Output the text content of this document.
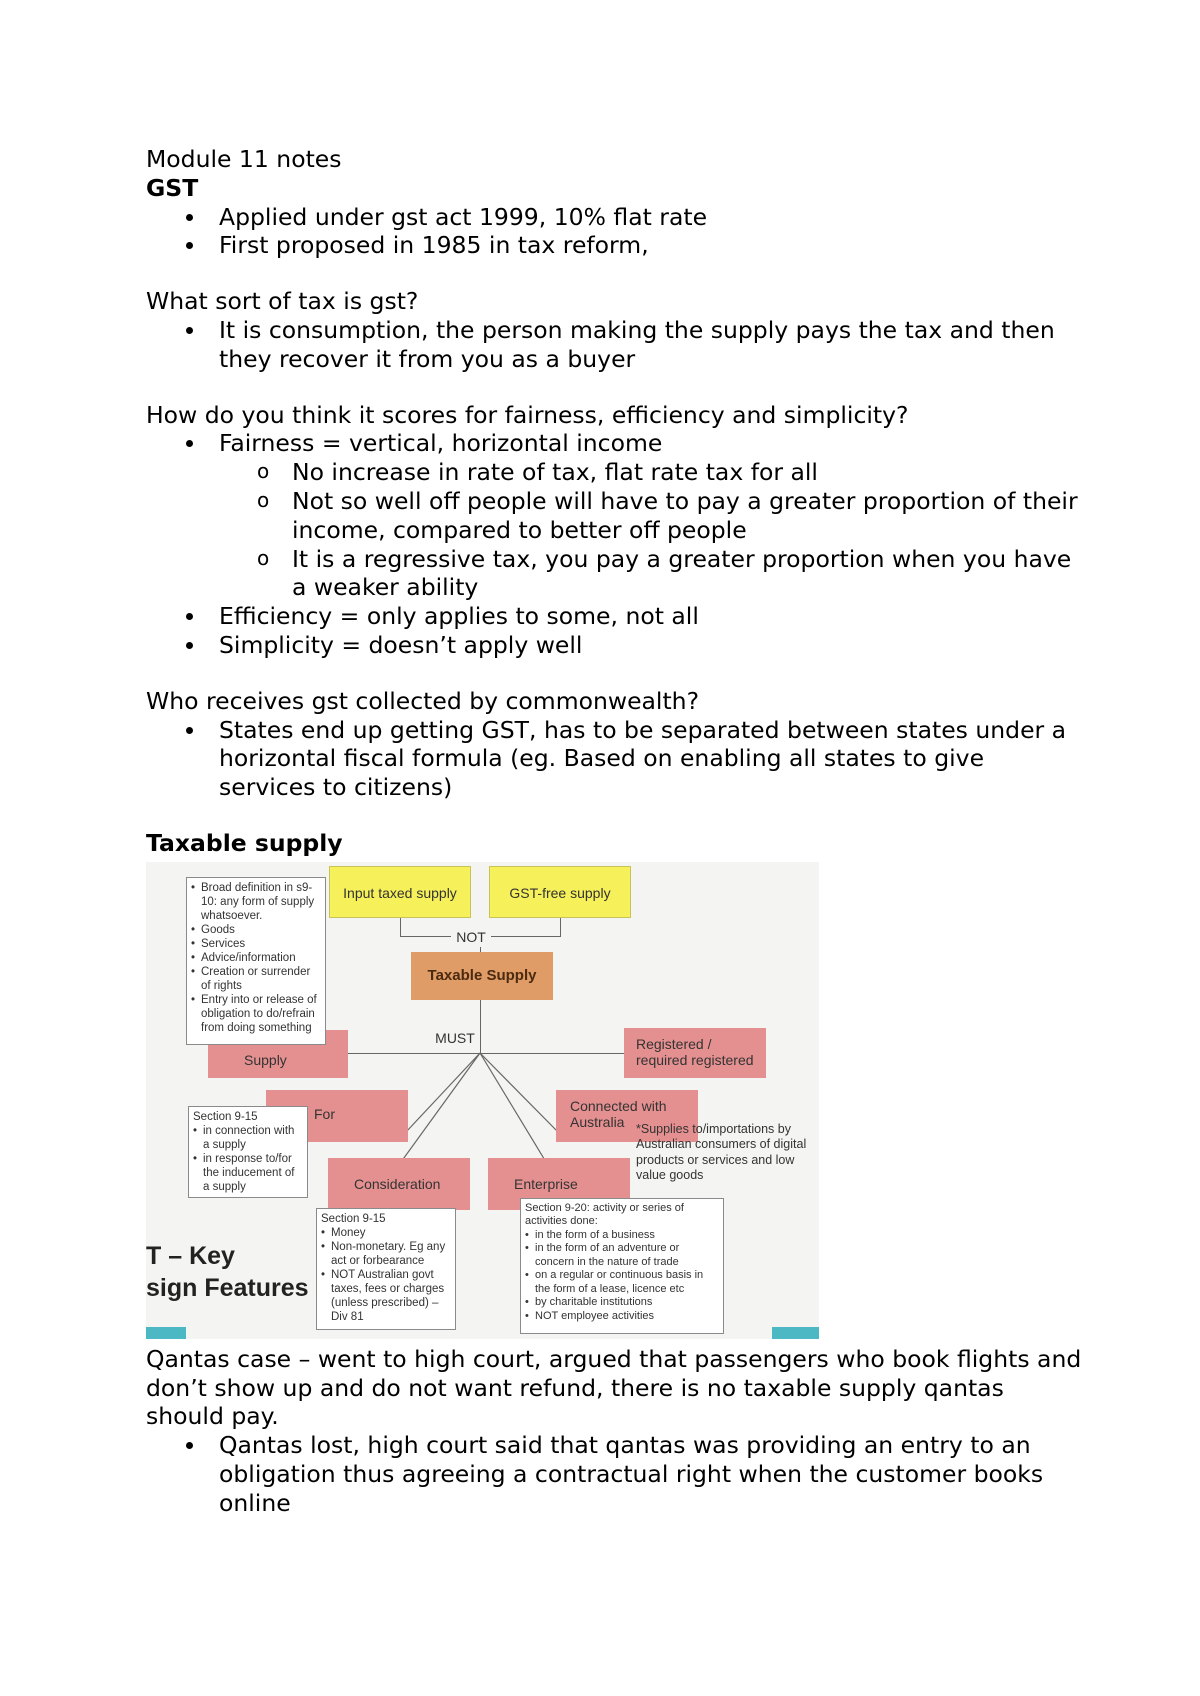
Module 11 notes

GST

Applied under gst act 1999, 10% flat rate
First proposed in 1985 in tax reform,

What sort of tax is gst?

It is consumption, the person making the supply pays the tax and then they recover it from you as a buyer

How do you think it scores for fairness, efficiency and simplicity?

Fairness = vertical, horizontal income
o No increase in rate of tax, flat rate tax for all
o Not so well off people will have to pay a greater proportion of their income, compared to better off people
o It is a regressive tax, you pay a greater proportion when you have a weaker ability
Efficiency = only applies to some, not all
Simplicity = doesn’t apply well

Who receives gst collected by commonwealth?

States end up getting GST, has to be separated between states under a horizontal fiscal formula (eg. Based on enabling all states to give services to citizens)

Taxable supply

Input taxed supply	GST-free supply
NOT
Taxable Supply
MUST
Supply
Registered / required registered
For	Connected with Australia
Consideration	Enterprise
• Broad definition in s9-10: any form of supply whatsoever.
• Goods
• Services
• Advice/information
• Creation or surrender of rights
• Entry into or release of obligation to do/refrain from doing something
Section 9-15
• in connection with a supply
• in response to/for the inducement of a supply
*Supplies to/importations by Australian consumers of digital products or services and low value goods
Section 9-15
• Money
• Non-monetary. Eg any act or forbearance
• NOT Australian govt taxes, fees or charges (unless prescribed) – Div 81
Section 9-20: activity or series of activities done:
• in the form of a business
• in the form of an adventure or concern in the nature of trade
• on a regular or continuous basis in the form of a lease, licence etc
• by charitable institutions
• NOT employee activities
T – Key
sign Features

Qantas case – went to high court, argued that passengers who book flights and don’t show up and do not want refund, there is no taxable supply qantas should pay.

Qantas lost, high court said that qantas was providing an entry to an obligation thus agreeing a contractual right when the customer books online
